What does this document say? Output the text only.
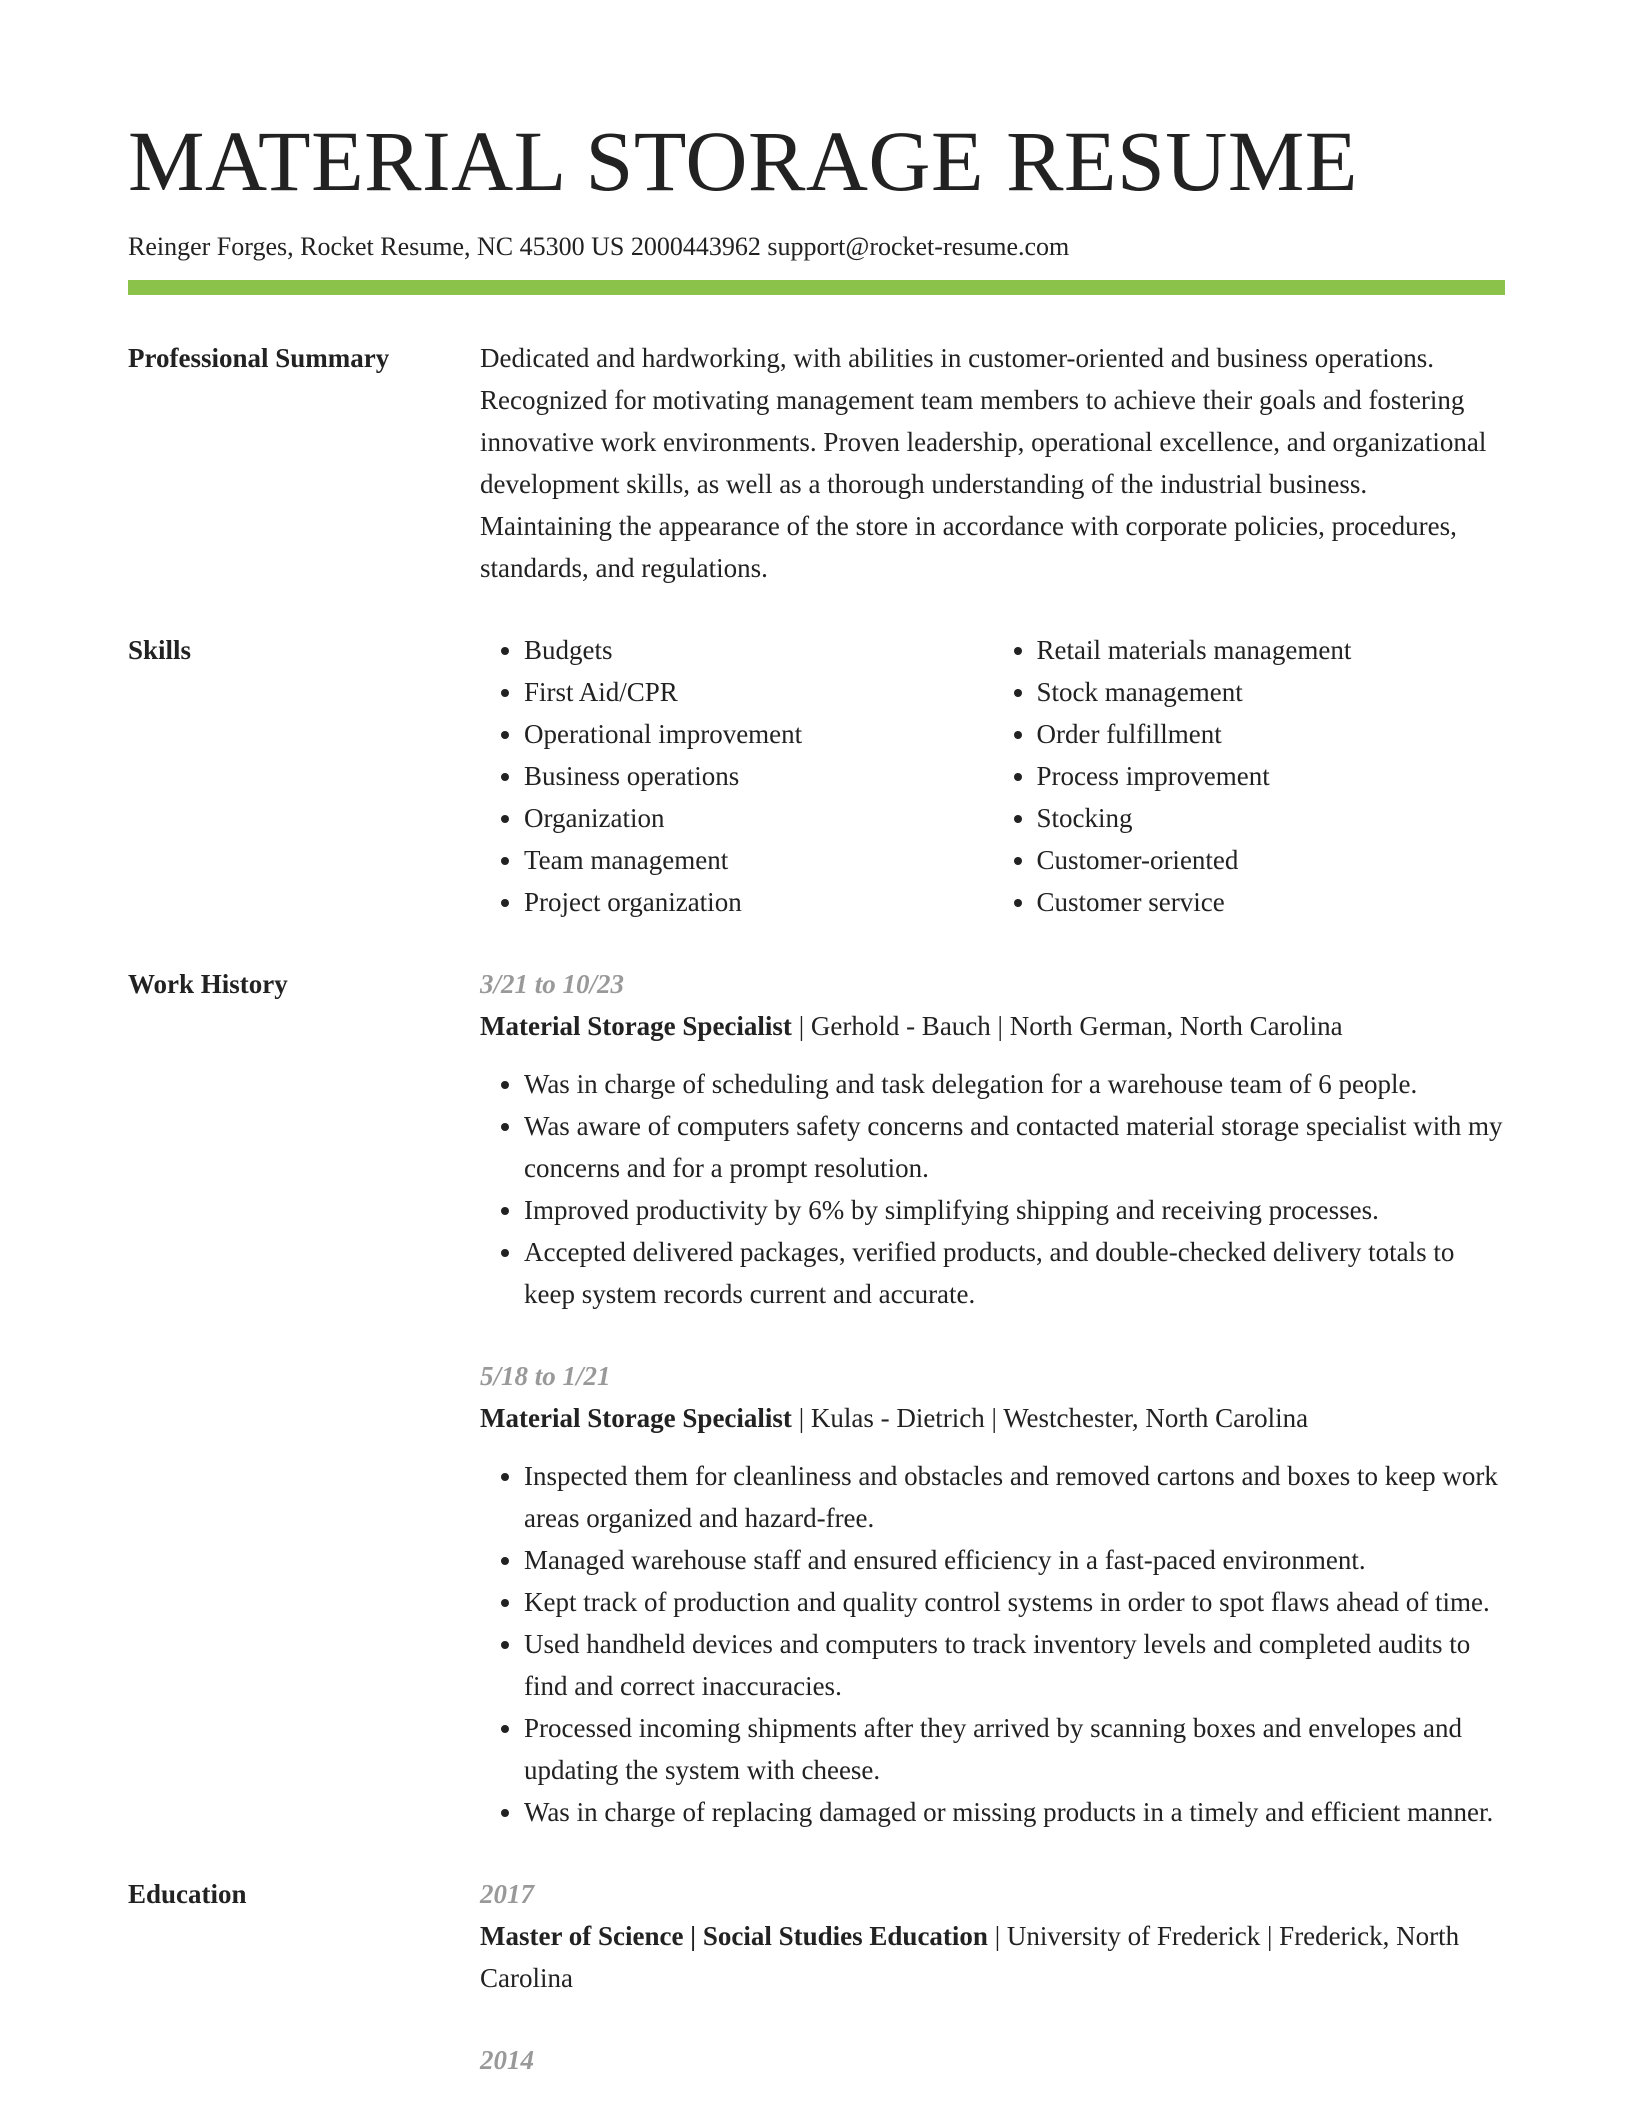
MATERIAL STORAGE RESUME
Reinger Forges, Rocket Resume, NC 45300 US 2000443962 support@rocket-resume.com
Professional Summary	Dedicated and hardworking, with abilities in customer-oriented and business operations. Recognized for motivating management team members to achieve their goals and fostering innovative work environments. Proven leadership, operational excellence, and organizational development skills, as well as a thorough understanding of the industrial business. Maintaining the appearance of the store in accordance with corporate policies, procedures, standards, and regulations.

Skills
•	Budgets
• First Aid/CPR
• Operational improvement
• Business operations
• Organization
• Team management
• Project organization
• Retail materials management
• Stock management
• Order fulfillment
• Process improvement
• Stocking
• Customer-oriented
• Customer service
Work History	3/21 to 10/23
Material Storage Specialist | Gerhold - Bauch | North German, North Carolina
• Was in charge of scheduling and task delegation for a warehouse team of 6 people.
• Was aware of computers safety concerns and contacted material storage specialist with my concerns and for a prompt resolution.
• Improved productivity by 6% by simplifying shipping and receiving processes.
• Accepted delivered packages, verified products, and double-checked delivery totals to keep system records current and accurate.
5/18 to 1/21
Material Storage Specialist | Kulas - Dietrich | Westchester, North Carolina
• Inspected them for cleanliness and obstacles and removed cartons and boxes to keep work areas organized and hazard-free.
• Managed warehouse staff and ensured efficiency in a fast-paced environment.
• Kept track of production and quality control systems in order to spot flaws ahead of time.
• Used handheld devices and computers to track inventory levels and completed audits to find and correct inaccuracies.
• Processed incoming shipments after they arrived by scanning boxes and envelopes and updating the system with cheese.
• Was in charge of replacing damaged or missing products in a timely and efficient manner.
Education	2017
Master of Science | Social Studies Education | University of Frederick | Frederick, North Carolina
2014
